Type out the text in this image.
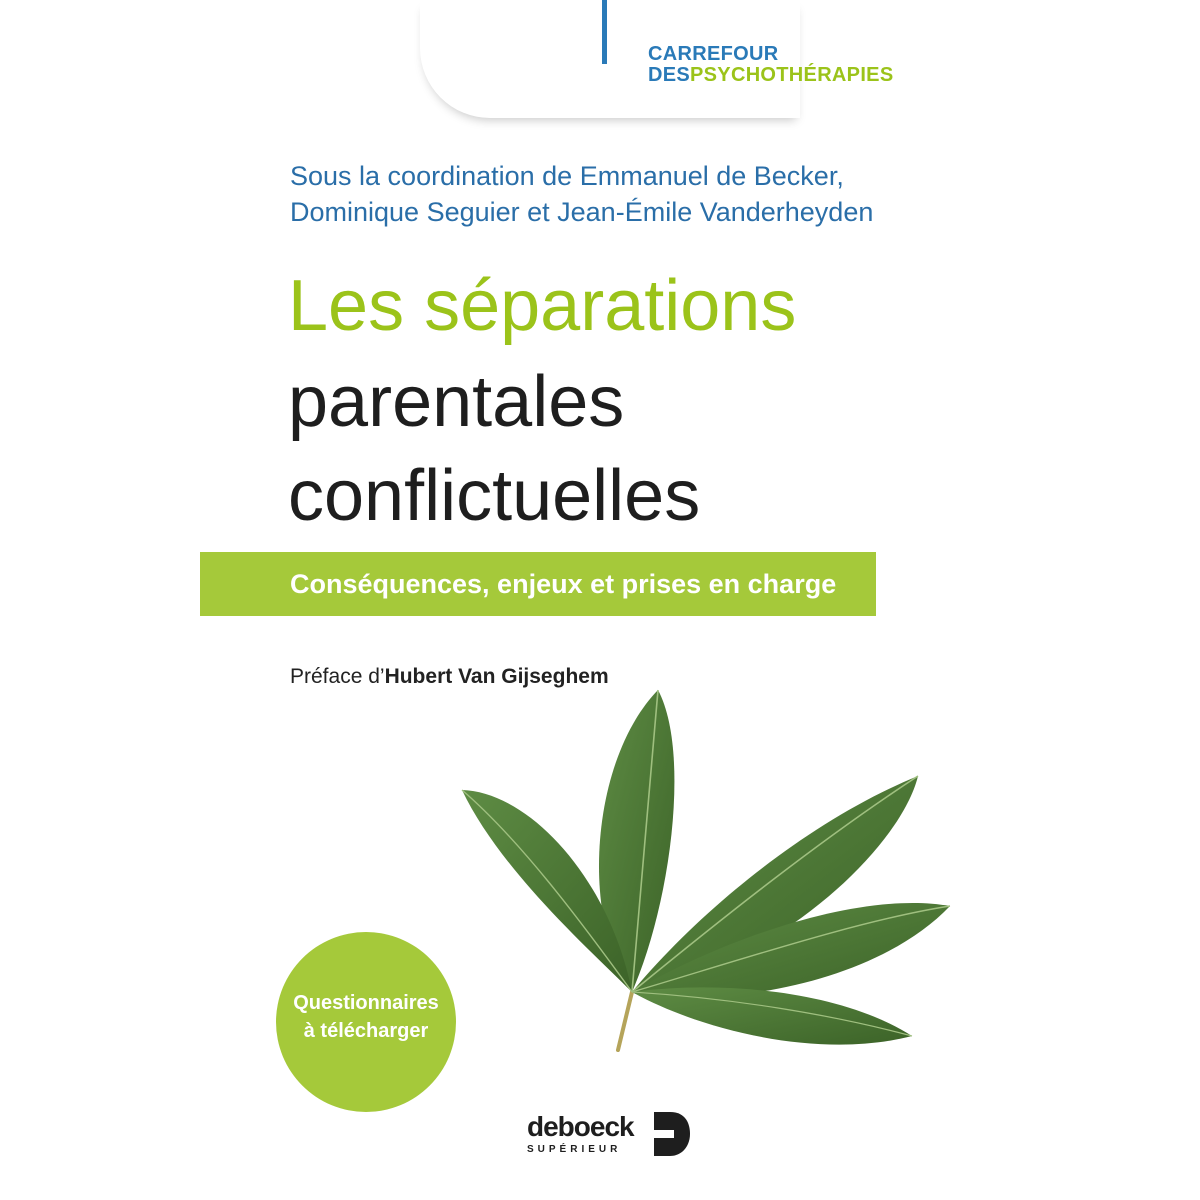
CARREFOUR
DESPSYCHOTHÉRAPIES
Sous la coordination de Emmanuel de Becker,
Dominique Seguier et Jean-Émile Vanderheyden
Les séparations
parentales
conflictuelles
Conséquences, enjeux et prises en charge
Préface d’Hubert Van Gijseghem
Questionnaires
à télécharger
deboeck
SUPÉRIEUR
